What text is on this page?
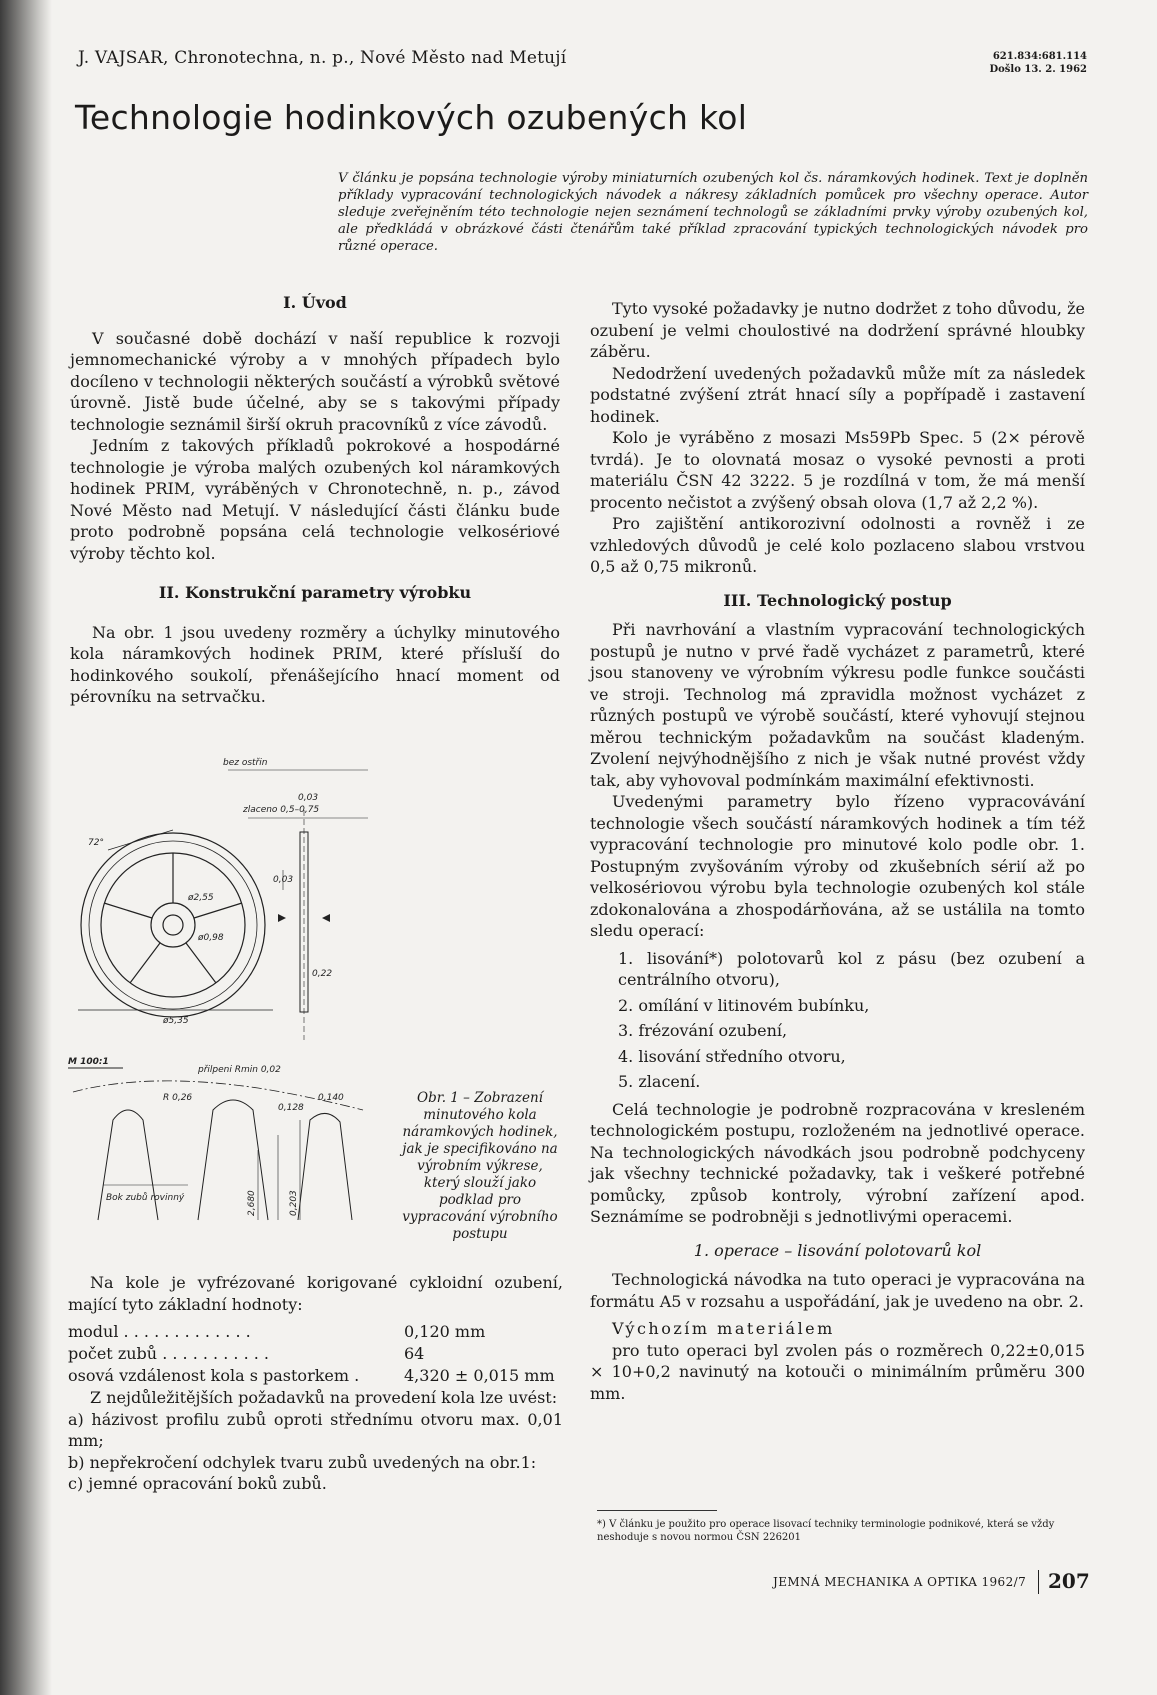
J. VAJSAR, Chronotechna, n. p., Nové Město nad Metují	621.834:681.114
Došlo 13. 2. 1962
Technologie hodinkových ozubených kol
V článku je popsána technologie výroby miniaturních ozubených kol čs. náramkových hodinek. Text je doplněn příklady vypracování technologických návodek a nákresy základních pomůcek pro všechny operace. Autor sleduje zveřejněním této technologie nejen seznámení technologů se základními prvky výroby ozubených kol, ale předkládá v obrázkové části čtenářům také příklad zpracování typických technologických návodek pro různé operace.

I. Úvod

V současné době dochází v naší republice k rozvoji jemnomechanické výroby a v mnohých případech bylo docíleno v technologii některých součástí a výrobků světové úrovně. Jistě bude účelné, aby se s takovými případy technologie seznámil širší okruh pracovníků z více závodů.

Jedním z takových příkladů pokrokové a hospodárné technologie je výroba malých ozubených kol náramkových hodinek PRIM, vyráběných v Chronotechně, n. p., závod Nové Město nad Metují. V následující části článku bude proto podrobně popsána celá technologie velkosériové výroby těchto kol.

II. Konstrukční parametry výrobku

Na obr. 1 jsou uvedeny rozměry a úchylky minutového kola náramkových hodinek PRIM, které přísluší do hodinkového soukolí, přenášejícího hnací moment od pérovníku na setrvačku.

bez ostřin
zlaceno 0,5–0,75
0,03
0,03
0,22
72°
ø5,35
ø2,55
ø0,98
M 100:1
přilpeni Rmin 0,02
R 0,26
0,128
0,140
Bok zubů rovinný	2,680	0,203
Obr. 1 – Zobrazení minutového kola náramkových hodinek, jak je specifikováno na výrobním výkrese, který slouží jako podklad pro vypracování výrobního postupu

Na kole je vyfrézované korigované cykloidní ozubení, mající tyto základní hodnoty:

modul . . . . . . . . . . . . .	0,120 mm
počet zubů . . . . . . . . . . .	64
osová vzdálenost kola s pastorkem .	4,320 ± 0,015 mm

Z nejdůležitějších požadavků na provedení kola lze uvést:

a) házivost profilu zubů oproti střednímu otvoru max. 0,01 mm;

b) nepřekročení odchylek tvaru zubů uvedených na obr.1:

c) jemné opracování boků zubů.

Tyto vysoké požadavky je nutno dodržet z toho důvodu, že ozubení je velmi choulostivé na dodržení správné hloubky záběru.

Nedodržení uvedených požadavků může mít za následek podstatné zvýšení ztrát hnací síly a popřípadě i zastavení hodinek.

Kolo je vyráběno z mosazi Ms59Pb Spec. 5 (2× pérově tvrdá). Je to olovnatá mosaz o vysoké pevnosti a proti materiálu ČSN 42 3222. 5 je rozdílná v tom, že má menší procento nečistot a zvýšený obsah olova (1,7 až 2,2 %).

Pro zajištění antikorozivní odolnosti a rovněž i ze vzhledových důvodů je celé kolo pozlaceno slabou vrstvou 0,5 až 0,75 mikronů.

III. Technologický postup

Při navrhování a vlastním vypracování technologických postupů je nutno v prvé řadě vycházet z parametrů, které jsou stanoveny ve výrobním výkresu podle funkce součásti ve stroji. Technolog má zpravidla možnost vycházet z různých postupů ve výrobě součástí, které vyhovují stejnou měrou technickým požadavkům na součást kladeným. Zvolení nejvýhodnějšího z nich je však nutné provést vždy tak, aby vyhovoval podmínkám maximální efektivnosti.

Uvedenými parametry bylo řízeno vypracovávání technologie všech součástí náramkových hodinek a tím též vypracování technologie pro minutové kolo podle obr. 1. Postupným zvyšováním výroby od zkušebních sérií až po velkosériovou výrobu byla technologie ozubených kol stále zdokonalována a zhospodárňována, až se ustálila na tomto sledu operací:

1. lisování*) polotovarů kol z pásu (bez ozubení a centrálního otvoru),
2. omílání v litinovém bubínku,
3. frézování ozubení,
4. lisování středního otvoru,
5. zlacení.

Celá technologie je podrobně rozpracována v kresleném technologickém postupu, rozloženém na jednotlivé operace. Na technologických návodkách jsou podrobně podchyceny jak všechny technické požadavky, tak i veškeré potřebné pomůcky, způsob kontroly, výrobní zařízení apod. Seznámíme se podrobněji s jednotlivými operacemi.

1. operace – lisování polotovarů kol

Technologická návodka na tuto operaci je vypracována na formátu A5 v rozsahu a uspořádání, jak je uvedeno na obr. 2.

Výchozím materiálem

pro tuto operaci byl zvolen pás o rozměrech 0,22±0,015 × 10+0,2 navinutý na kotouči o minimálním průměru 300 mm.

*) V článku je použito pro operace lisovací techniky terminologie podnikové, která se vždy neshoduje s novou normou ČSN 226201
JEMNÁ MECHANIKA A OPTIKA 1962/7 207
